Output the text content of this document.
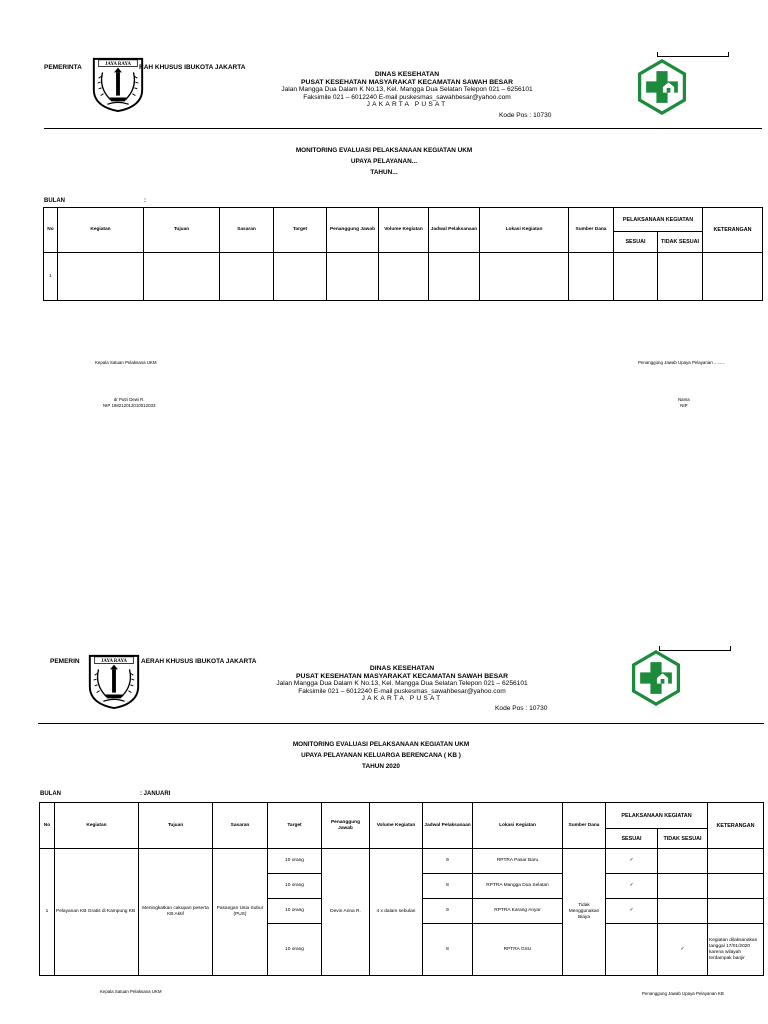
PEMERINTA	JAYA RAYA RAH KHUSUS IBUKOTA JAKARTA
DINAS KESEHATAN
PUSAT KESEHATAN MASYARAKAT KECAMATAN SAWAH BESAR
Jalan Mangga Dua Dalam K No.13, Kel. Mangga Dua Selatan Telepon 021 – 6256101
Faksimile 021 – 6012240 E-mail puskesmas_sawahbesar@yahoo.com
JAKARTA PUSAT
Kode Pos : 10730
MONITORING EVALUASI PELAKSANAAN KEGIATAN UKM
UPAYA PELAYANAN...
TAHUN...
BULAN	:
No	Kegiatan	Tujuan	Sasaran	Target	Penanggung Jawab	Volume Kegiatan	Jadwal Pelaksanaan	Lokasi Kegiatan	Sumber Dana	PELAKSANAAN KEGIATAN		KETERANGAN
										SESUAI	TIDAK SESUAI	
1												
Kepala Satuan Pelaksana UKM
dr Putri Dewi R.
NIP 198212012010012033
Penanggung Jawab Upaya Pelayanan .........
Nama
NIP
PEMERIN	JAYA RAYA AERAH KHUSUS IBUKOTA JAKARTA
DINAS KESEHATAN
PUSAT KESEHATAN MASYARAKAT KECAMATAN SAWAH BESAR
Jalan Mangga Dua Dalam K No.13, Kel. Mangga Dua Selatan Telepon 021 – 6256101
Faksimile 021 – 6012240 E-mail puskesmas_sawahbesar@yahoo.com
JAKARTA PUSAT
Kode Pos : 10730
MONITORING EVALUASI PELAKSANAAN KEGIATAN UKM
UPAYA PELAYANAN KELUARGA BERENCANA ( KB )
TAHUN 2020
BULAN	: JANUARI
No	Kegiatan	Tujuan	Sasaran	Target	Penanggung Jawab	Volume Kegiatan	Jadwal Pelaksanaan	Lokasi Kegiatan	Sumber Dana	PELAKSANAAN KEGIATAN		KETERANGAN
										SESUAI	TIDAK SESUAI	
1	Pelayanan KB Gratis di Kampung KB	Meningkatkan cakupan peserta KB Aktif	Pasangan Usia Subur (PUS)	10 orang	Devin Anna R.	4 x dalam sebulan	9	RPTRA Pasar Baru	Tidak Menggunakan Biaya	✓		
				10 orang			8	RPTRA Mangga Dua Selatan		✓		
				10 orang			9	RPTRA Karang Anyar		✓		
				10 orang			8	RPTRA GSU			✓	Kegiatan dilaksanakan tanggal 17/01/2020 karena wilayah terdampak banjir
Kepala Satuan Pelaksana UKM	Penanggung Jawab Upaya Pelayanan KB
